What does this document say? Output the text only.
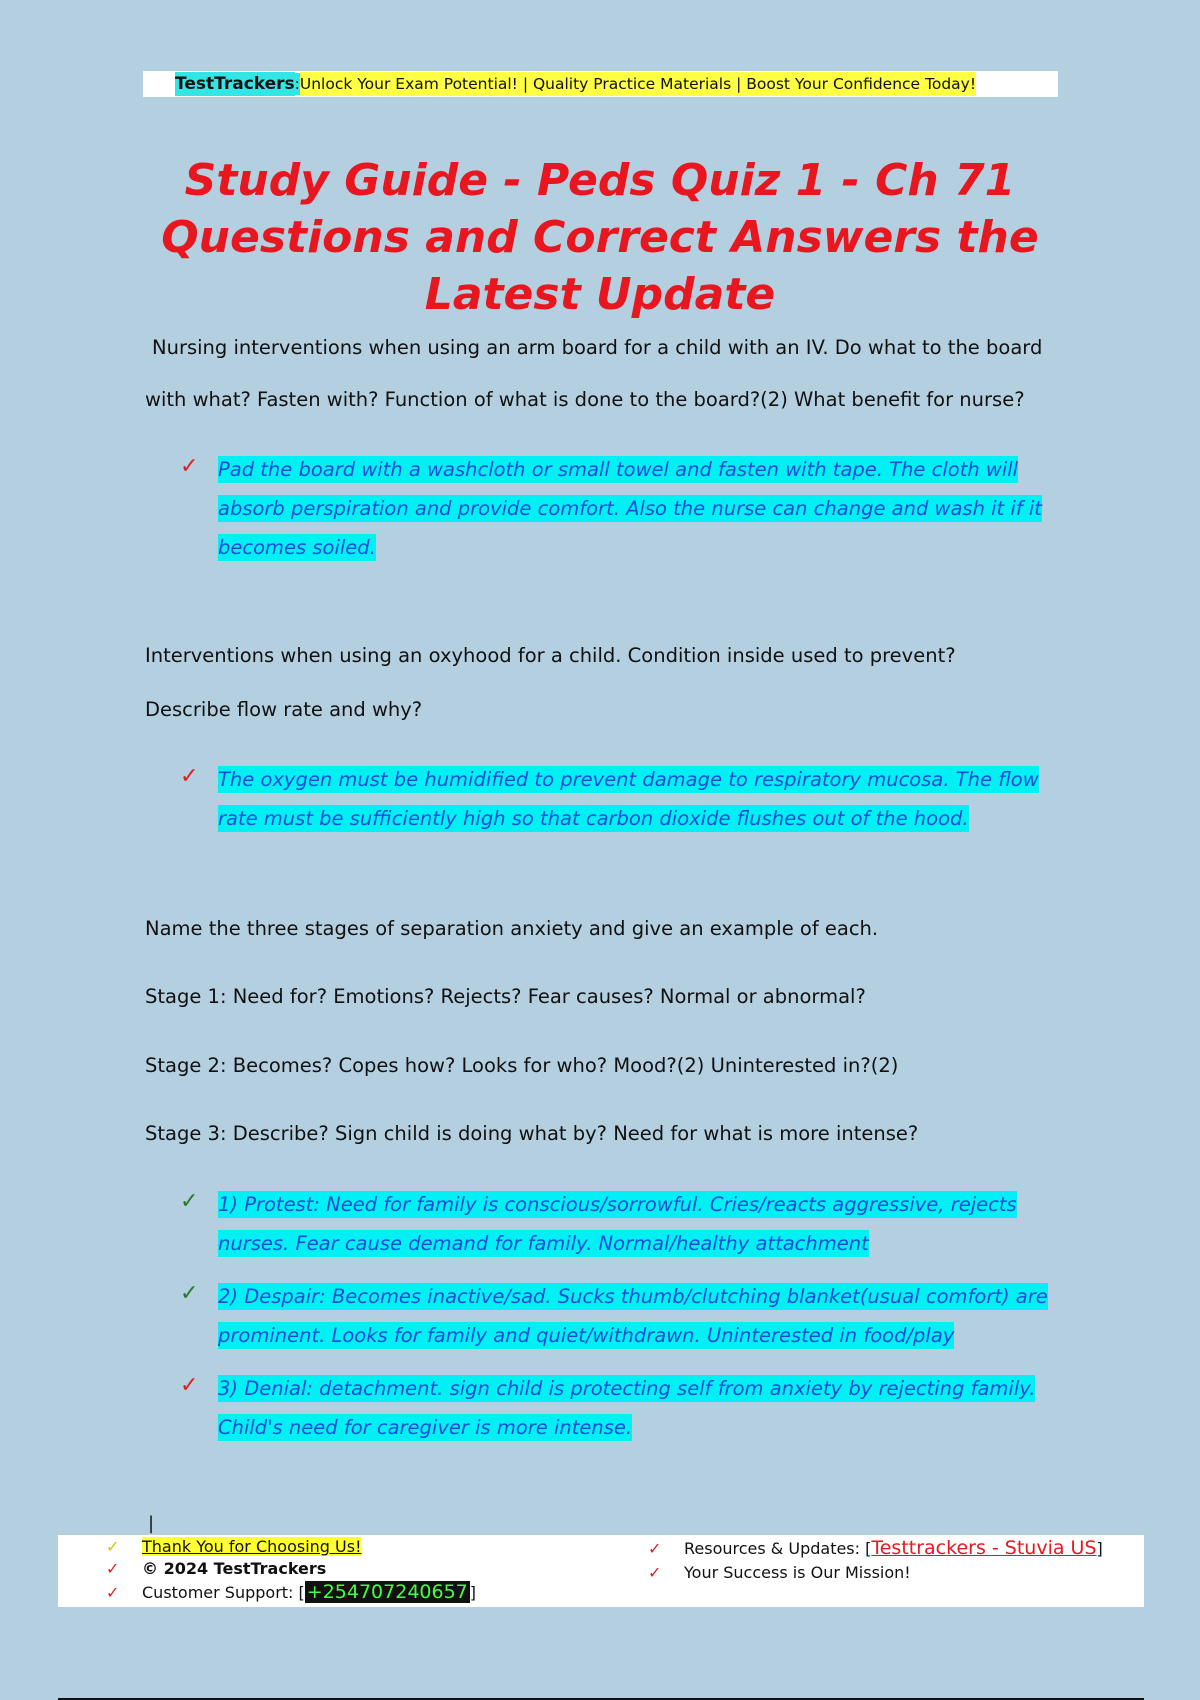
TestTrackers : Unlock Your Exam Potential! | Quality Practice Materials | Boost Your Confidence Today!
Study Guide - Peds Quiz 1 - Ch 71 Questions and Correct Answers the Latest Update

Nursing interventions when using an arm board for a child with an IV. Do what to the board with what? Fasten with? Function of what is done to the board?(2) What benefit for nurse?

✓ Pad the board with a washcloth or small towel and fasten with tape. The cloth will absorb perspiration and provide comfort. Also the nurse can change and wash it if it becomes soiled.

Interventions when using an oxyhood for a child. Condition inside used to prevent? Describe flow rate and why?

✓ The oxygen must be humidified to prevent damage to respiratory mucosa. The flow rate must be sufficiently high so that carbon dioxide flushes out of the hood.

Name the three stages of separation anxiety and give an example of each.

Stage 1: Need for? Emotions? Rejects? Fear causes? Normal or abnormal?

Stage 2: Becomes? Copes how? Looks for who? Mood?(2) Uninterested in?(2)

Stage 3: Describe? Sign child is doing what by? Need for what is more intense?

✓ 1) Protest: Need for family is conscious/sorrowful. Cries/reacts aggressive, rejects nurses. Fear cause demand for family. Normal/healthy attachment
✓ 2) Despair: Becomes inactive/sad. Sucks thumb/clutching blanket(usual comfort) are prominent. Looks for family and quiet/withdrawn. Uninterested in food/play
✓ 3) Denial: detachment. sign child is protecting self from anxiety by rejecting family. Child's need for caregiver is more intense.
|
✓	Thank You for Choosing Us!
✓	© 2024 TestTrackers
✓	Customer Support: [ +254707240657 ]
✓	Resources & Updates: [ Testtrackers - Stuvia US ]
✓	Your Success is Our Mission!
